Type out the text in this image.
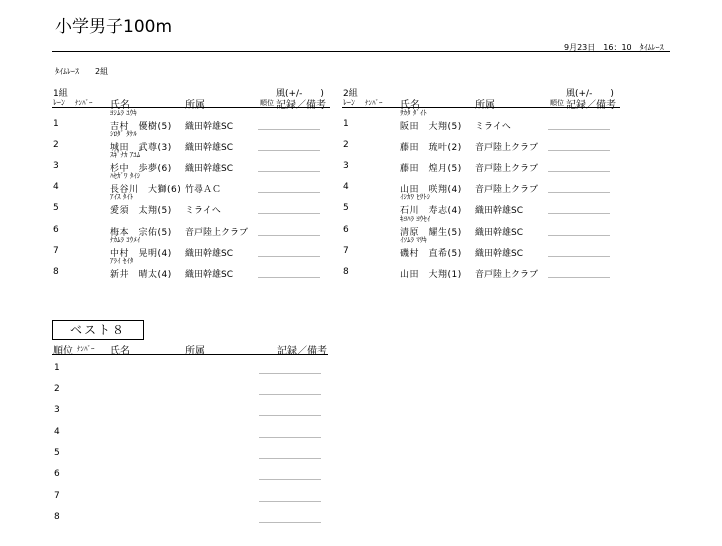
小学男子100m
9月23日　16：10　ﾀｲﾑﾚｰｽ
ﾀｲﾑﾚｰｽ　　2組
1組	風(+/-　　)
ﾚｰﾝ ﾅﾝﾊﾞｰ 氏名	所属	順位 記録／備考
ﾖｼﾑﾗ ﾕｳｷ
1	吉村　優樹(5) 織田幹雄SC
ｼﾛﾀﾞ ﾀｹﾙ
2	城田　武尊(3) 織田幹雄SC
ｽｷﾞﾅｶ ｱﾕﾑ
3	杉中　歩夢(6) 織田幹雄SC
ﾊｾｶﾞﾜ ﾀｲｼ
4	長谷川　大獅(6) 竹尋ＡＣ
ｱｲｽ ﾀｲﾄ
5	愛須　太翔(5) ミライへ
6	梅本　宗佑(5) 音戸陸上クラブ
ﾅｶﾑﾗ ｺｳﾒｲ
7	中村　晃明(4) 織田幹雄SC
ｱﾗｲ ｾｲﾀ
8	新井　晴太(4) 織田幹雄SC
2組	風(+/-　　)
ﾚｰﾝ ﾅﾝﾊﾞｰ 氏名	所属	順位 記録／備考
ｻｶﾀ ﾀﾞｲﾄ
1	阪田　大翔(5) ミライへ
2	藤田　琉叶(2) 音戸陸上クラブ
3	藤田　煌月(5) 音戸陸上クラブ
4	山田　咲翔(4) 音戸陸上クラブ
ｲｼｶﾜ ﾋｻﾄｼ
5	石川　寿志(4) 織田幹雄SC
ｷﾖﾊﾗ ﾖｳｾｲ
6	清原　耀生(5) 織田幹雄SC
ｲｿﾑﾗ ﾏｻｷ
7	磯村　直希(5) 織田幹雄SC
8	山田　大翔(1) 音戸陸上クラブ
ベスト８
順位 ﾅﾝﾊﾞｰ 氏名	所属	記録／備考
1
2
3
4
5
6
7
8
